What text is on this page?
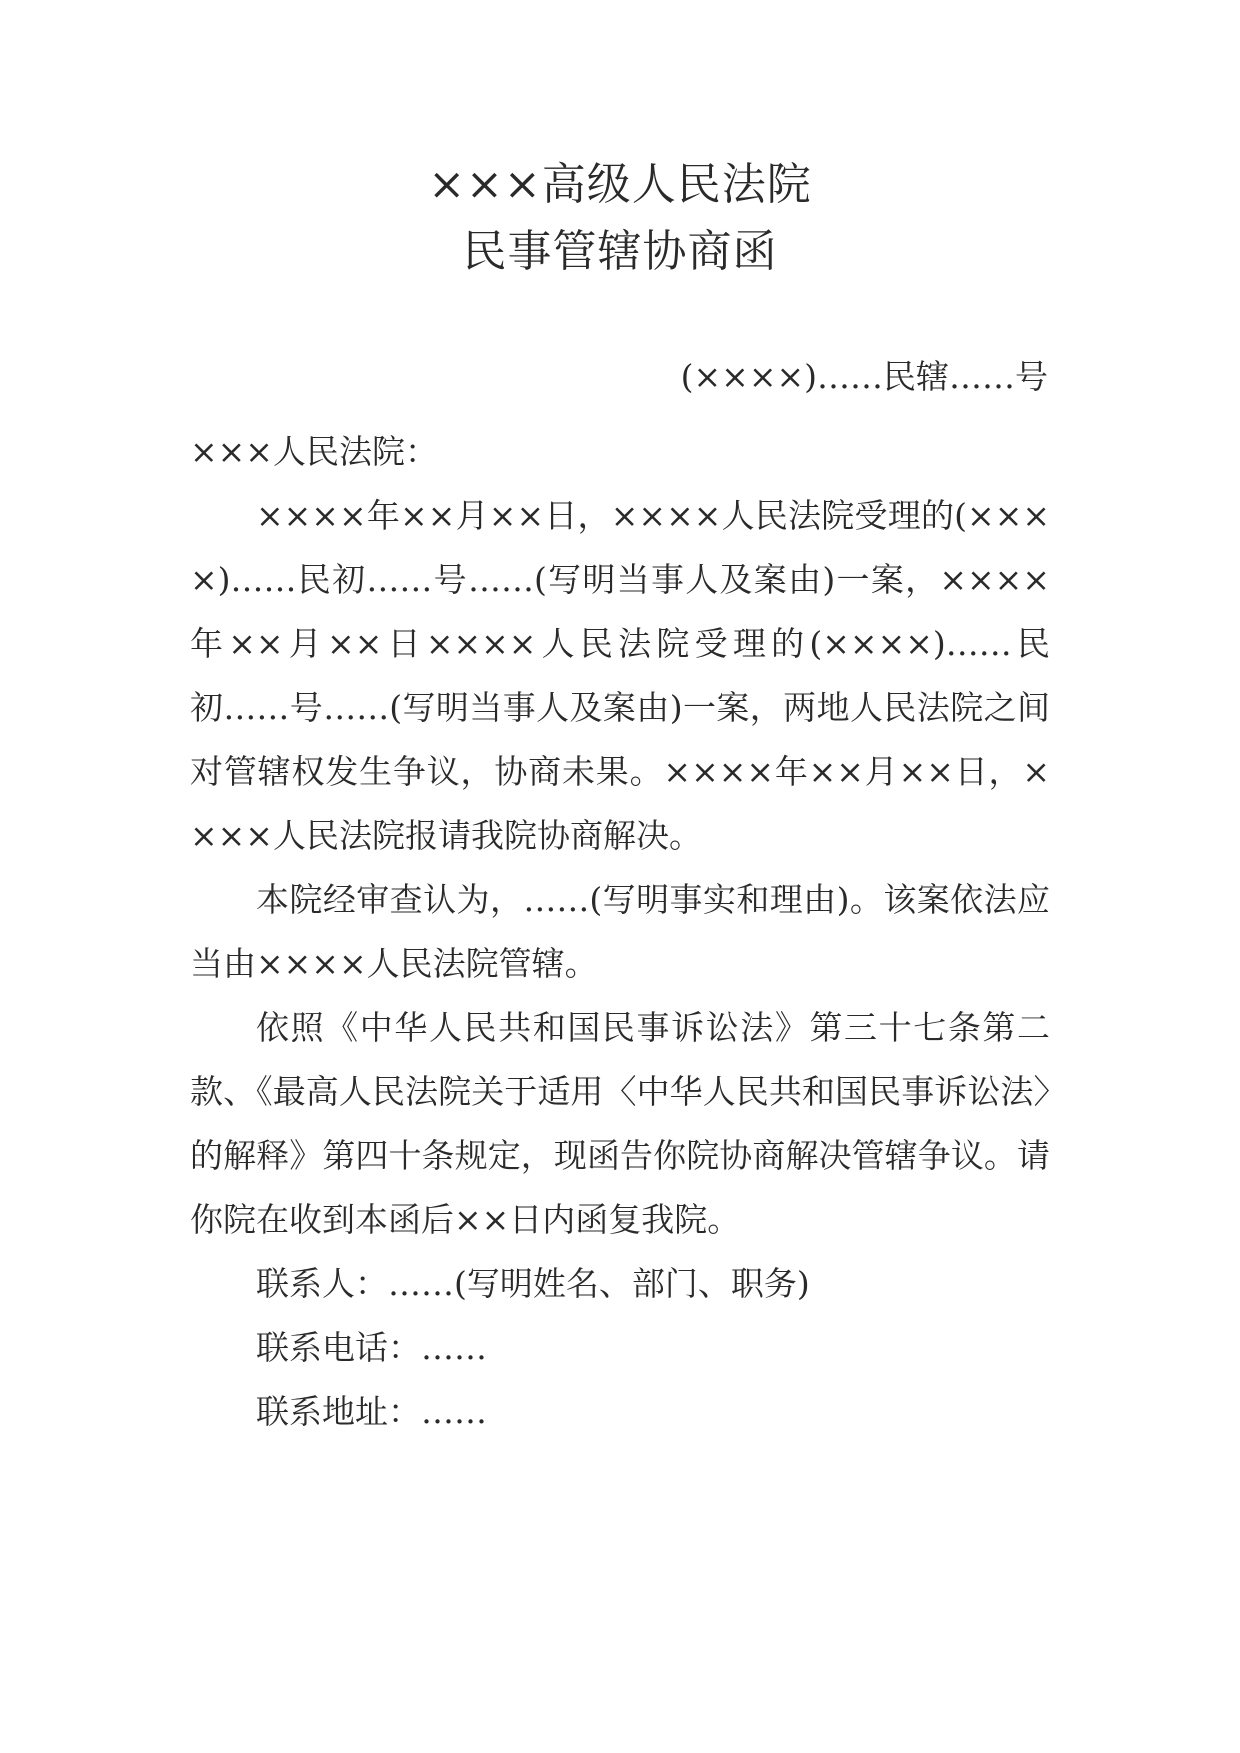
×××高级人民法院
民事管辖协商函
(××××)……民辖……号

×××人民法院：

××××年××月××日，××××人民法院受理的(××××)……民初……号……(写明当事人及案由)一案，××××年××月××日××××人民法院受理的(××××)……民初……号……(写明当事人及案由)一案，两地人民法院之间对管辖权发生争议，协商未果。××××年××月××日，××××人民法院报请我院协商解决。

本院经审查认为，……(写明事实和理由)。该案依法应当由××××人民法院管辖。

依照《中华人民共和国民事诉讼法》第三十七条第二款、《最高人民法院关于适用〈中华人民共和国民事诉讼法〉的解释》第四十条规定，现函告你院协商解决管辖争议。请你院在收到本函后××日内函复我院。

联系人：……(写明姓名、部门、职务)

联系电话：……

联系地址：……
